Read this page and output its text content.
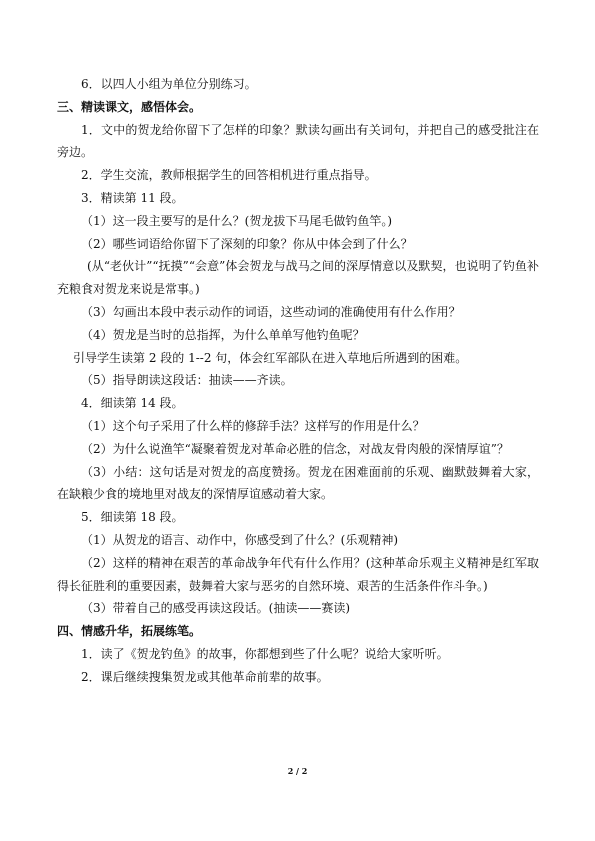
6．以四人小组为单位分别练习。
三、精读课文，感悟体会。
1．文中的贺龙给你留下了怎样的印象？默读勾画出有关词句，并把自己的感受批注在旁边。
2．学生交流，教师根据学生的回答相机进行重点指导。
3．精读第 11 段。
（1）这一段主要写的是什么？(贺龙拔下马尾毛做钓鱼竿。)
（2）哪些词语给你留下了深刻的印象？你从中体会到了什么？
(从“老伙计”“抚摸”“会意”体会贺龙与战马之间的深厚情意以及默契，也说明了钓鱼补充粮食对贺龙来说是常事。)
（3）勾画出本段中表示动作的词语，这些动词的准确使用有什么作用？
（4）贺龙是当时的总指挥，为什么单单写他钓鱼呢？
引导学生读第 2 段的 1--2 句，体会红军部队在进入草地后所遇到的困难。
（5）指导朗读这段话：抽读——齐读。
4．细读第 14 段。
（1）这个句子采用了什么样的修辞手法？这样写的作用是什么？
（2）为什么说渔竿“凝聚着贺龙对革命必胜的信念，对战友骨肉般的深情厚谊”？
（3）小结：这句话是对贺龙的高度赞扬。贺龙在困难面前的乐观、幽默鼓舞着大家，在缺粮少食的境地里对战友的深情厚谊感动着大家。
5．细读第 18 段。
（1）从贺龙的语言、动作中，你感受到了什么？(乐观精神)
（2）这样的精神在艰苦的革命战争年代有什么作用？(这种革命乐观主义精神是红军取得长征胜利的重要因素，鼓舞着大家与恶劣的自然环境、艰苦的生活条件作斗争。)
（3）带着自己的感受再读这段话。(抽读——赛读)
四、情感升华，拓展练笔。
1．读了《贺龙钓鱼》的故事，你都想到些了什么呢？说给大家听听。
2．课后继续搜集贺龙或其他革命前辈的故事。
2 / 2
